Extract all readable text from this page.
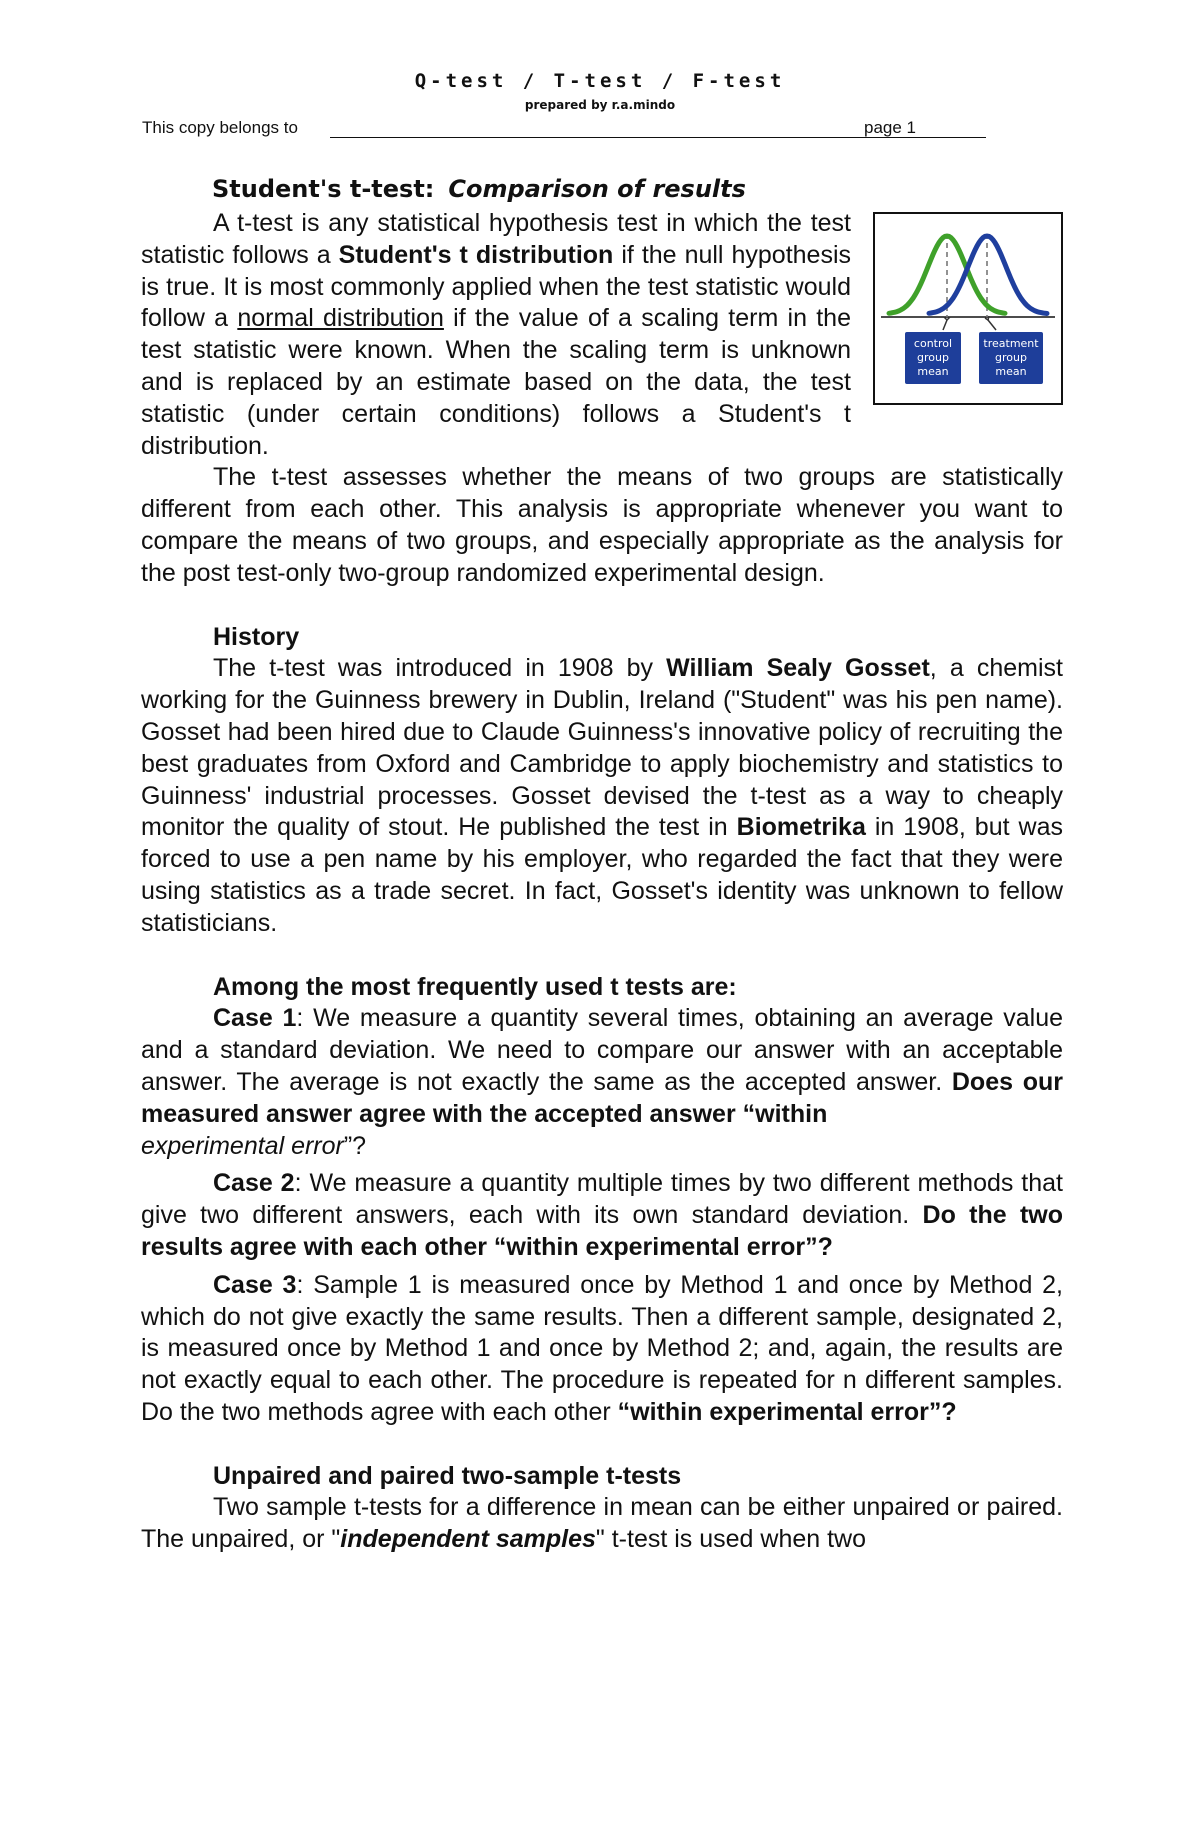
Q-test / T-test / F-test
prepared by r.a.mindo
This copy belongs to	page 1
Student's t-test: Comparison of results
control
group
mean
treatment
group
mean

A t-test is any statistical hypothesis test in which the test statistic follows a Student's t distribution if the null hypothesis is true. It is most commonly applied when the test statistic would follow a normal distribution if the value of a scaling term in the test statistic were known. When the scaling term is unknown and is replaced by an estimate based on the data, the test statistic (under certain conditions) follows a Student's t distribution.

The t-test assesses whether the means of two groups are statistically different from each other. This analysis is appropriate whenever you want to compare the means of two groups, and especially appropriate as the analysis for the post test-only two-group randomized experimental design.

History

The t-test was introduced in 1908 by William Sealy Gosset, a chemist working for the Guinness brewery in Dublin, Ireland ("Student" was his pen name). Gosset had been hired due to Claude Guinness's innovative policy of recruiting the best graduates from Oxford and Cambridge to apply biochemistry and statistics to Guinness' industrial processes. Gosset devised the t-test as a way to cheaply monitor the quality of stout. He published the test in Biometrika in 1908, but was forced to use a pen name by his employer, who regarded the fact that they were using statistics as a trade secret. In fact, Gosset's identity was unknown to fellow statisticians.

Among the most frequently used t tests are:

Case 1: We measure a quantity several times, obtaining an average value and a standard deviation. We need to compare our answer with an acceptable answer. The average is not exactly the same as the accepted answer. Does our measured answer agree with the accepted answer “within
experimental error”?

Case 2: We measure a quantity multiple times by two different methods that give two different answers, each with its own standard deviation. Do the two results agree with each other “within experimental error”?

Case 3: Sample 1 is measured once by Method 1 and once by Method 2, which do not give exactly the same results. Then a different sample, designated 2, is measured once by Method 1 and once by Method 2; and, again, the results are not exactly equal to each other. The procedure is repeated for n different samples. Do the two methods agree with each other “within experimental error”?

Unpaired and paired two-sample t-tests

Two sample t-tests for a difference in mean can be either unpaired or paired. The unpaired, or "independent samples" t-test is used when two
